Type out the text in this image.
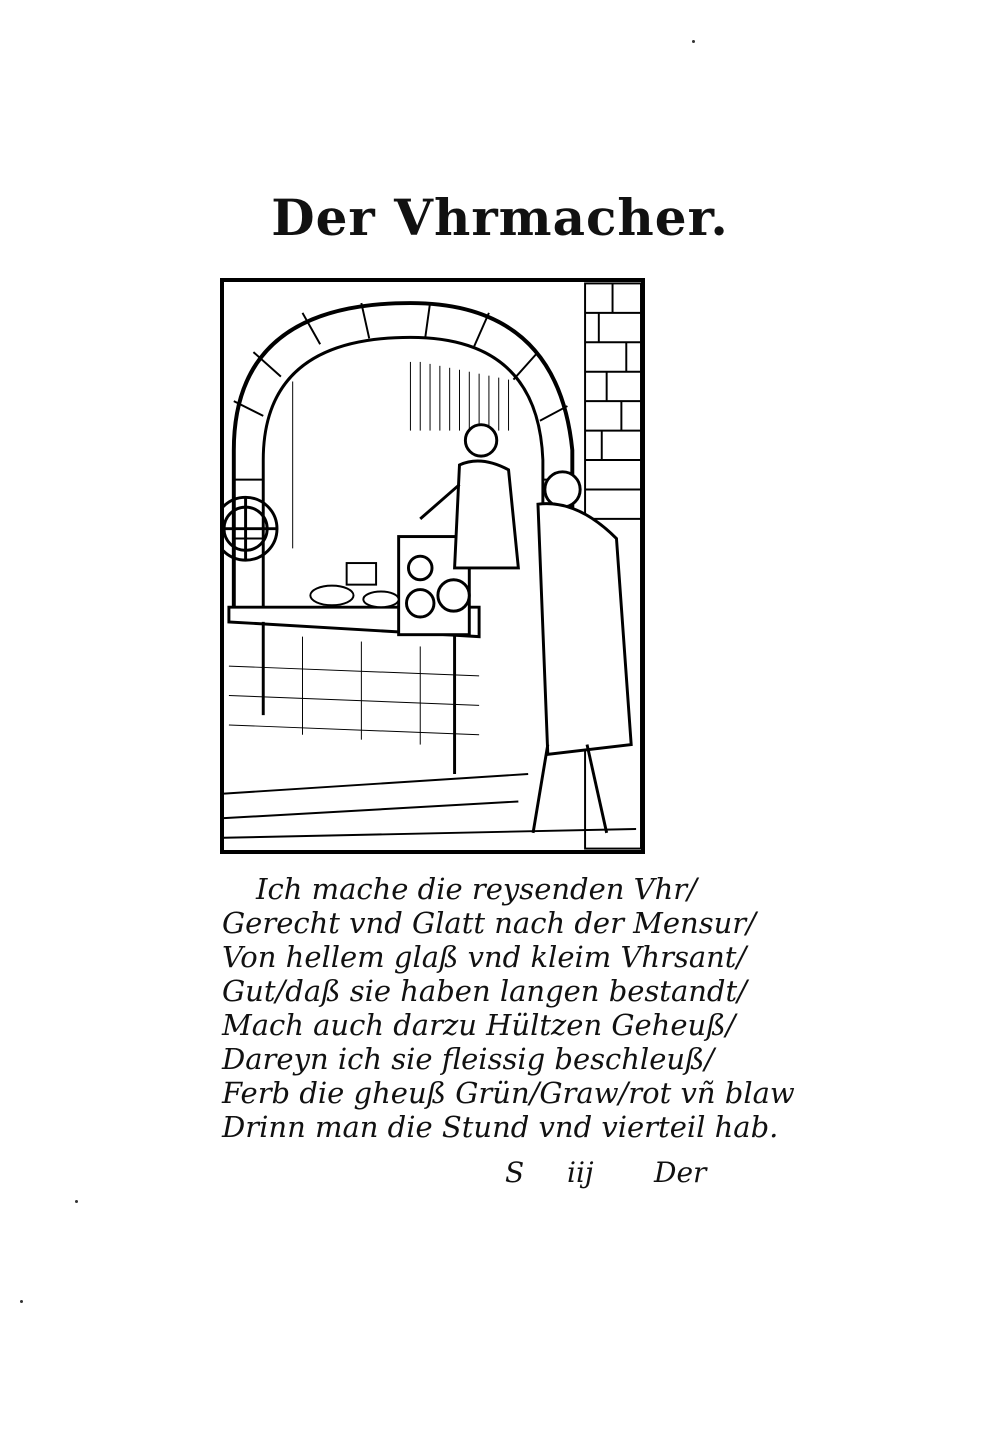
Der Vhrmacher.
Ich mache die reysenden Vhr/
Gerecht vnd Glatt nach der Mensur/
Von hellem glaß vnd kleim Vhrsant/
Gut/daß sie haben langen bestandt/
Mach auch darzu Hültzen Geheuß/
Dareyn ich sie fleissig beschleuß/
Ferb die gheuß Grün/Graw/rot vñ blaw
Drinn man die Stund vnd vierteil hab.
S iij Der
